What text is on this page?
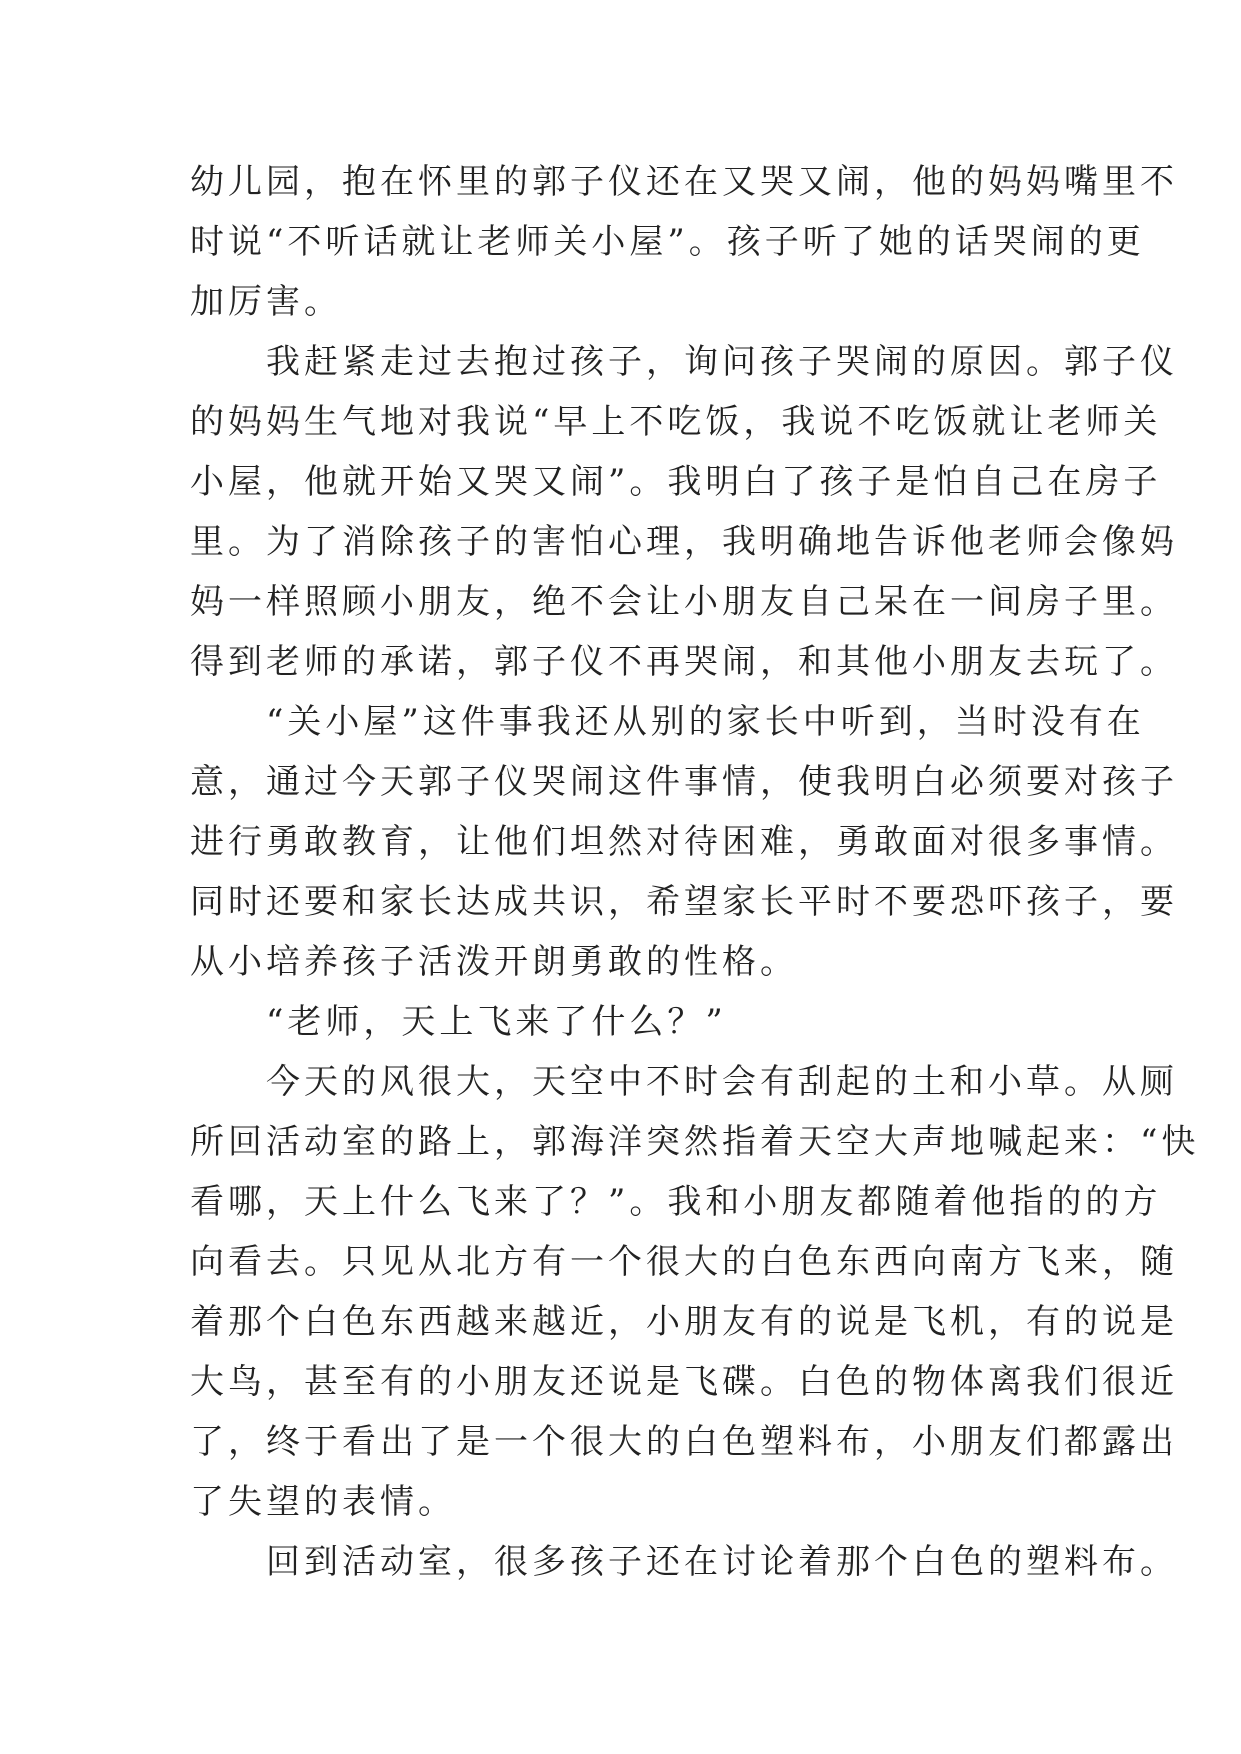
幼儿园，抱在怀里的郭子仪还在又哭又闹，他的妈妈嘴里不
时说“不听话就让老师关小屋”。孩子听了她的话哭闹的更
加厉害。
　　我赶紧走过去抱过孩子，询问孩子哭闹的原因。郭子仪
的妈妈生气地对我说“早上不吃饭，我说不吃饭就让老师关
小屋，他就开始又哭又闹”。我明白了孩子是怕自己在房子
里。为了消除孩子的害怕心理，我明确地告诉他老师会像妈
妈一样照顾小朋友，绝不会让小朋友自己呆在一间房子里。
得到老师的承诺，郭子仪不再哭闹，和其他小朋友去玩了。
　　“关小屋”这件事我还从别的家长中听到，当时没有在
意，通过今天郭子仪哭闹这件事情，使我明白必须要对孩子
进行勇敢教育，让他们坦然对待困难，勇敢面对很多事情。
同时还要和家长达成共识，希望家长平时不要恐吓孩子，要
从小培养孩子活泼开朗勇敢的性格。
　　“老师，天上飞来了什么？”
　　今天的风很大，天空中不时会有刮起的土和小草。从厕
所回活动室的路上，郭海洋突然指着天空大声地喊起来：“快
看哪，天上什么飞来了？”。我和小朋友都随着他指的的方
向看去。只见从北方有一个很大的白色东西向南方飞来，随
着那个白色东西越来越近，小朋友有的说是飞机，有的说是
大鸟，甚至有的小朋友还说是飞碟。白色的物体离我们很近
了，终于看出了是一个很大的白色塑料布，小朋友们都露出
了失望的表情。
　　回到活动室，很多孩子还在讨论着那个白色的塑料布。
